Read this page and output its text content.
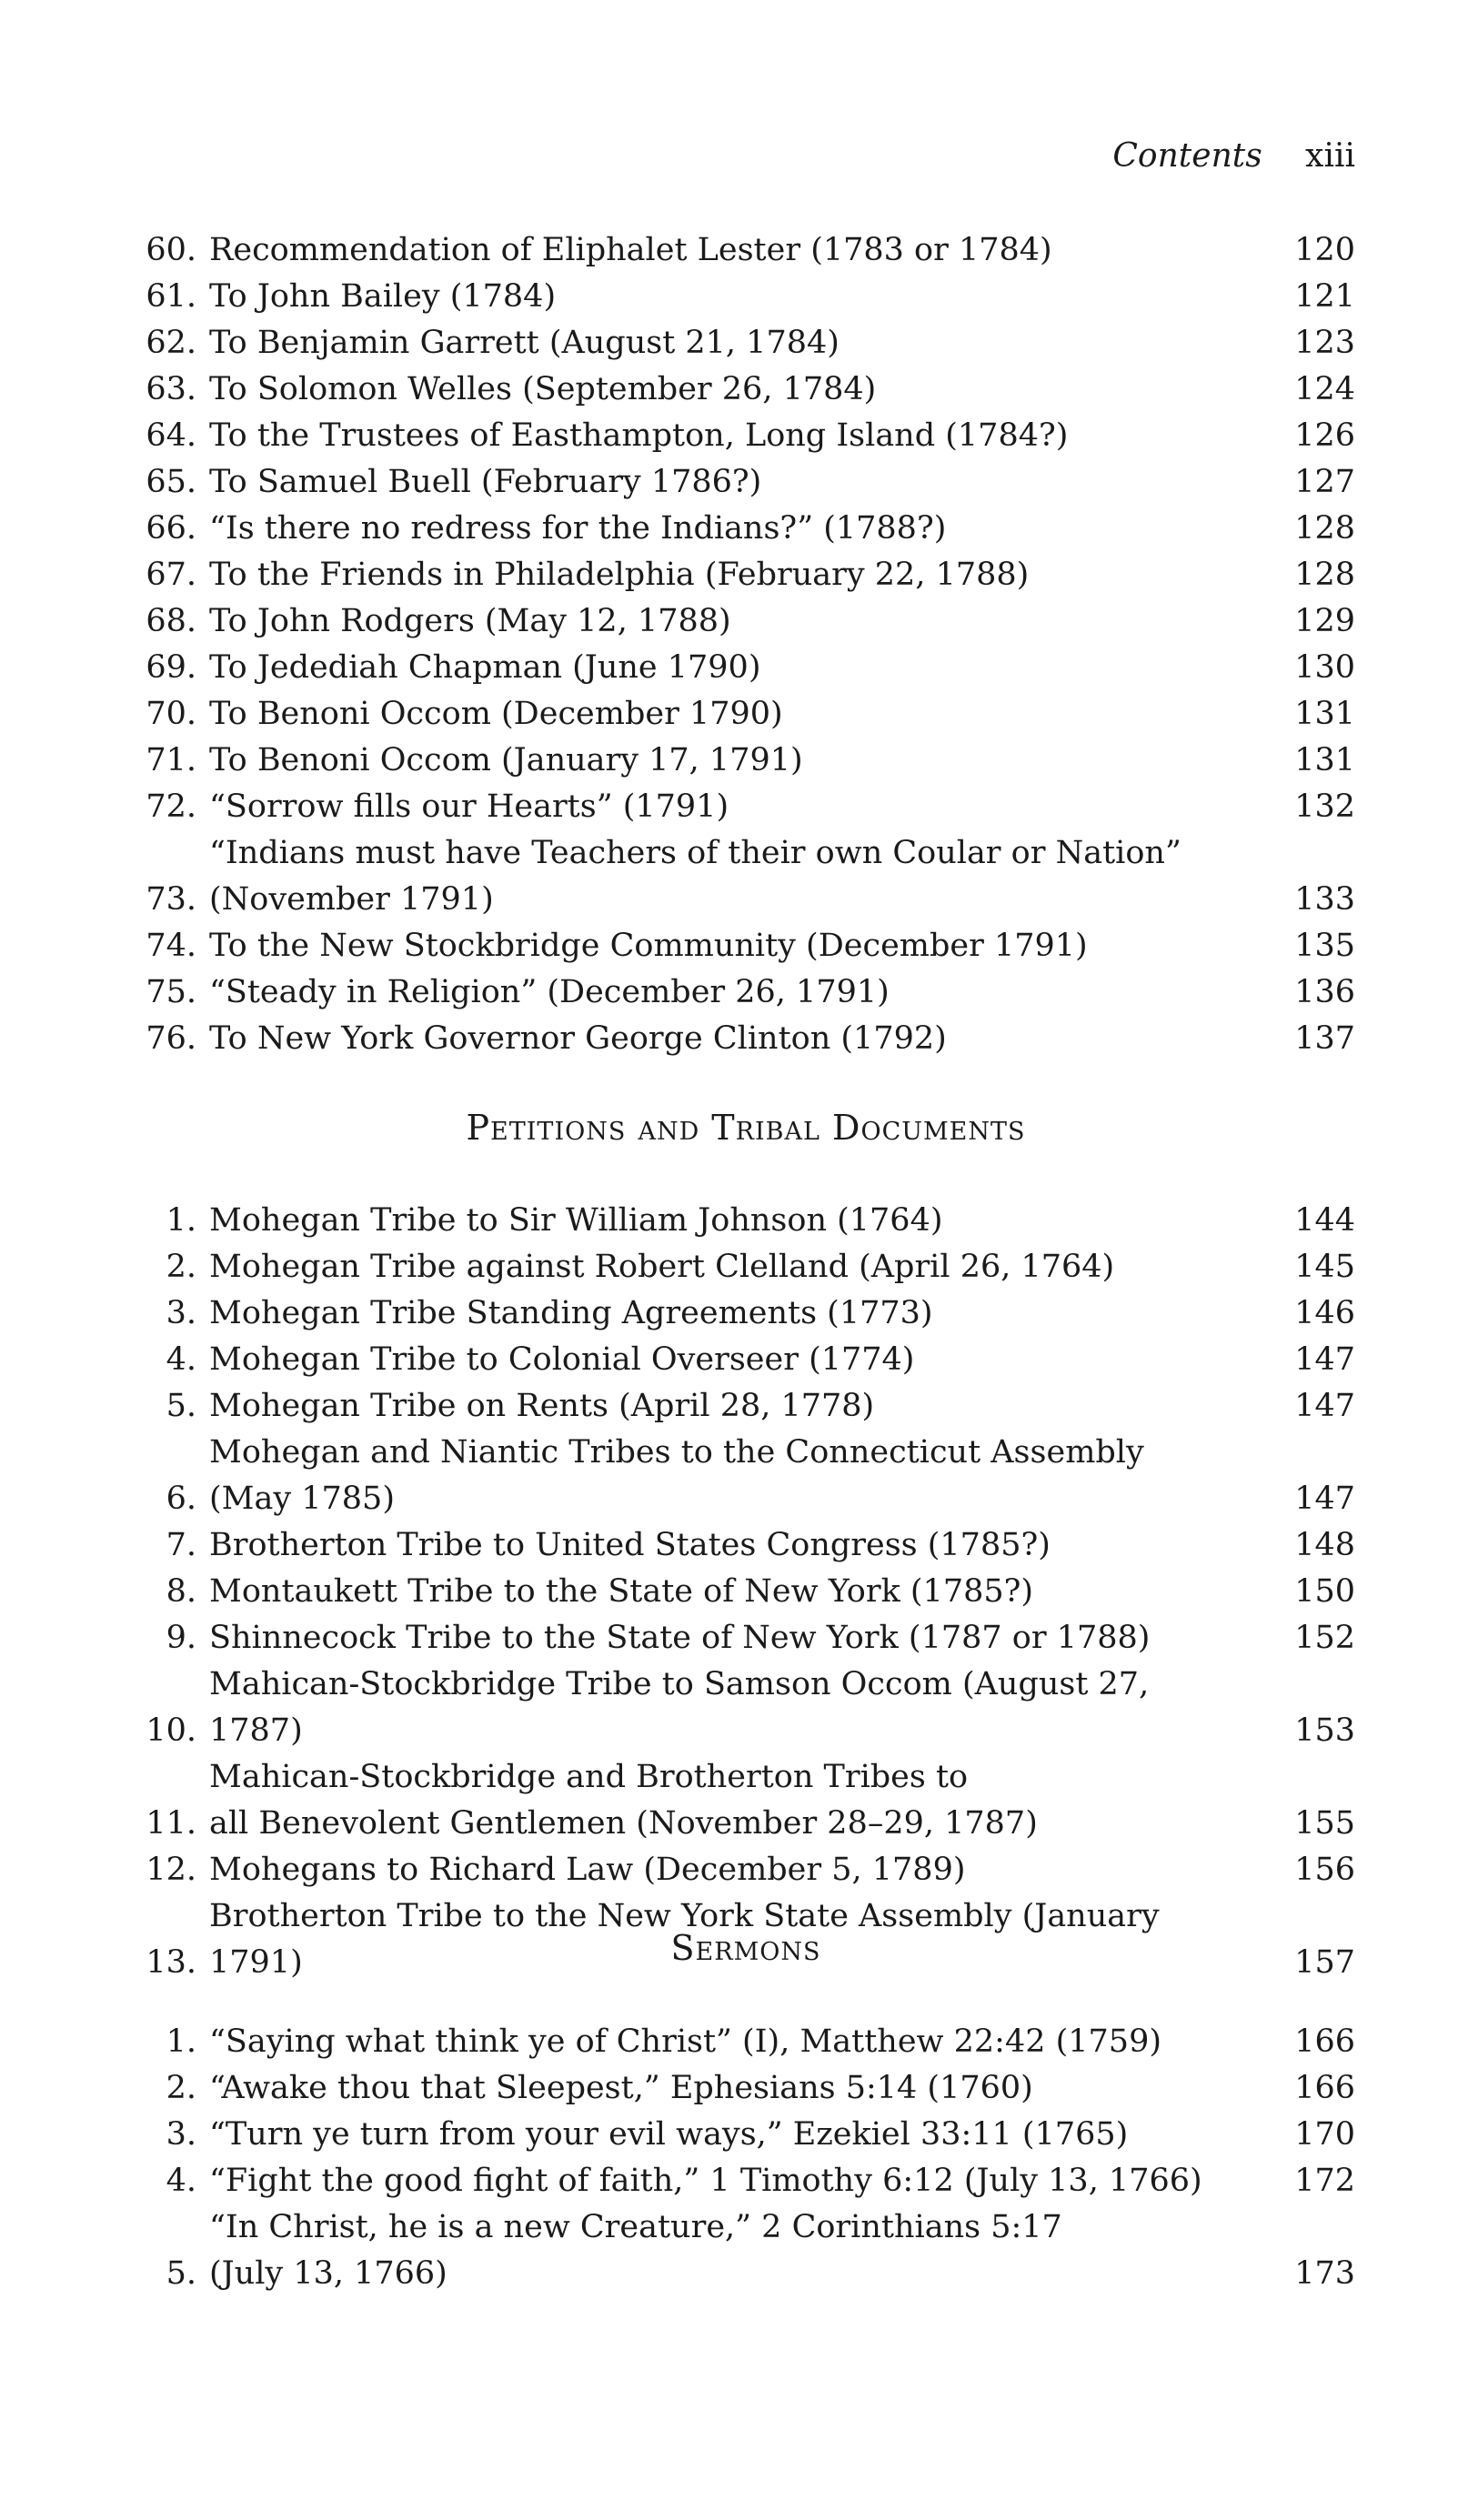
Contents xiii
60. Recommendation of Eliphalet Lester (1783 or 1784)	120
61. To John Bailey (1784)	121
62. To Benjamin Garrett (August 21, 1784)	123
63. To Solomon Welles (September 26, 1784)	124
64. To the Trustees of Easthampton, Long Island (1784?)	126
65. To Samuel Buell (February 1786?)	127
66. “Is there no redress for the Indians?” (1788?)	128
67. To the Friends in Philadelphia (February 22, 1788)	128
68. To John Rodgers (May 12, 1788)	129
69. To Jedediah Chapman (June 1790)	130
70. To Benoni Occom (December 1790)	131
71. To Benoni Occom (January 17, 1791)	131
72. “Sorrow fills our Hearts” (1791)	132
73.
“Indians must have Teachers of their own Coular or Nation”
(November 1791)	133
74. To the New Stockbridge Community (December 1791)	135
75. “Steady in Religion” (December 26, 1791)	136
76. To New York Governor George Clinton (1792)	137
Petitions and Tribal Documents
1. Mohegan Tribe to Sir William Johnson (1764)	144
2. Mohegan Tribe against Robert Clelland (April 26, 1764)	145
3. Mohegan Tribe Standing Agreements (1773)	146
4. Mohegan Tribe to Colonial Overseer (1774)	147
5. Mohegan Tribe on Rents (April 28, 1778)	147
6.
Mohegan and Niantic Tribes to the Connecticut Assembly
(May 1785)	147
7. Brotherton Tribe to United States Congress (1785?)	148
8. Montaukett Tribe to the State of New York (1785?)	150
9. Shinnecock Tribe to the State of New York (1787 or 1788)	152
10.
Mahican-Stockbridge Tribe to Samson Occom (August 27, 1787)	153
11.
Mahican-Stockbridge and Brotherton Tribes to
all Benevolent Gentlemen (November 28–29, 1787)	155
12. Mohegans to Richard Law (December 5, 1789)	156
13.
Brotherton Tribe to the New York State Assembly (January 1791)	157
Sermons
1. “Saying what think ye of Christ” (I), Matthew 22:42 (1759)	166
2. “Awake thou that Sleepest,” Ephesians 5:14 (1760)	166
3. “Turn ye turn from your evil ways,” Ezekiel 33:11 (1765)	170
4. “Fight the good fight of faith,” 1 Timothy 6:12 (July 13, 1766)	172
5.
“In Christ, he is a new Creature,” 2 Corinthians 5:17
(July 13, 1766)	173
